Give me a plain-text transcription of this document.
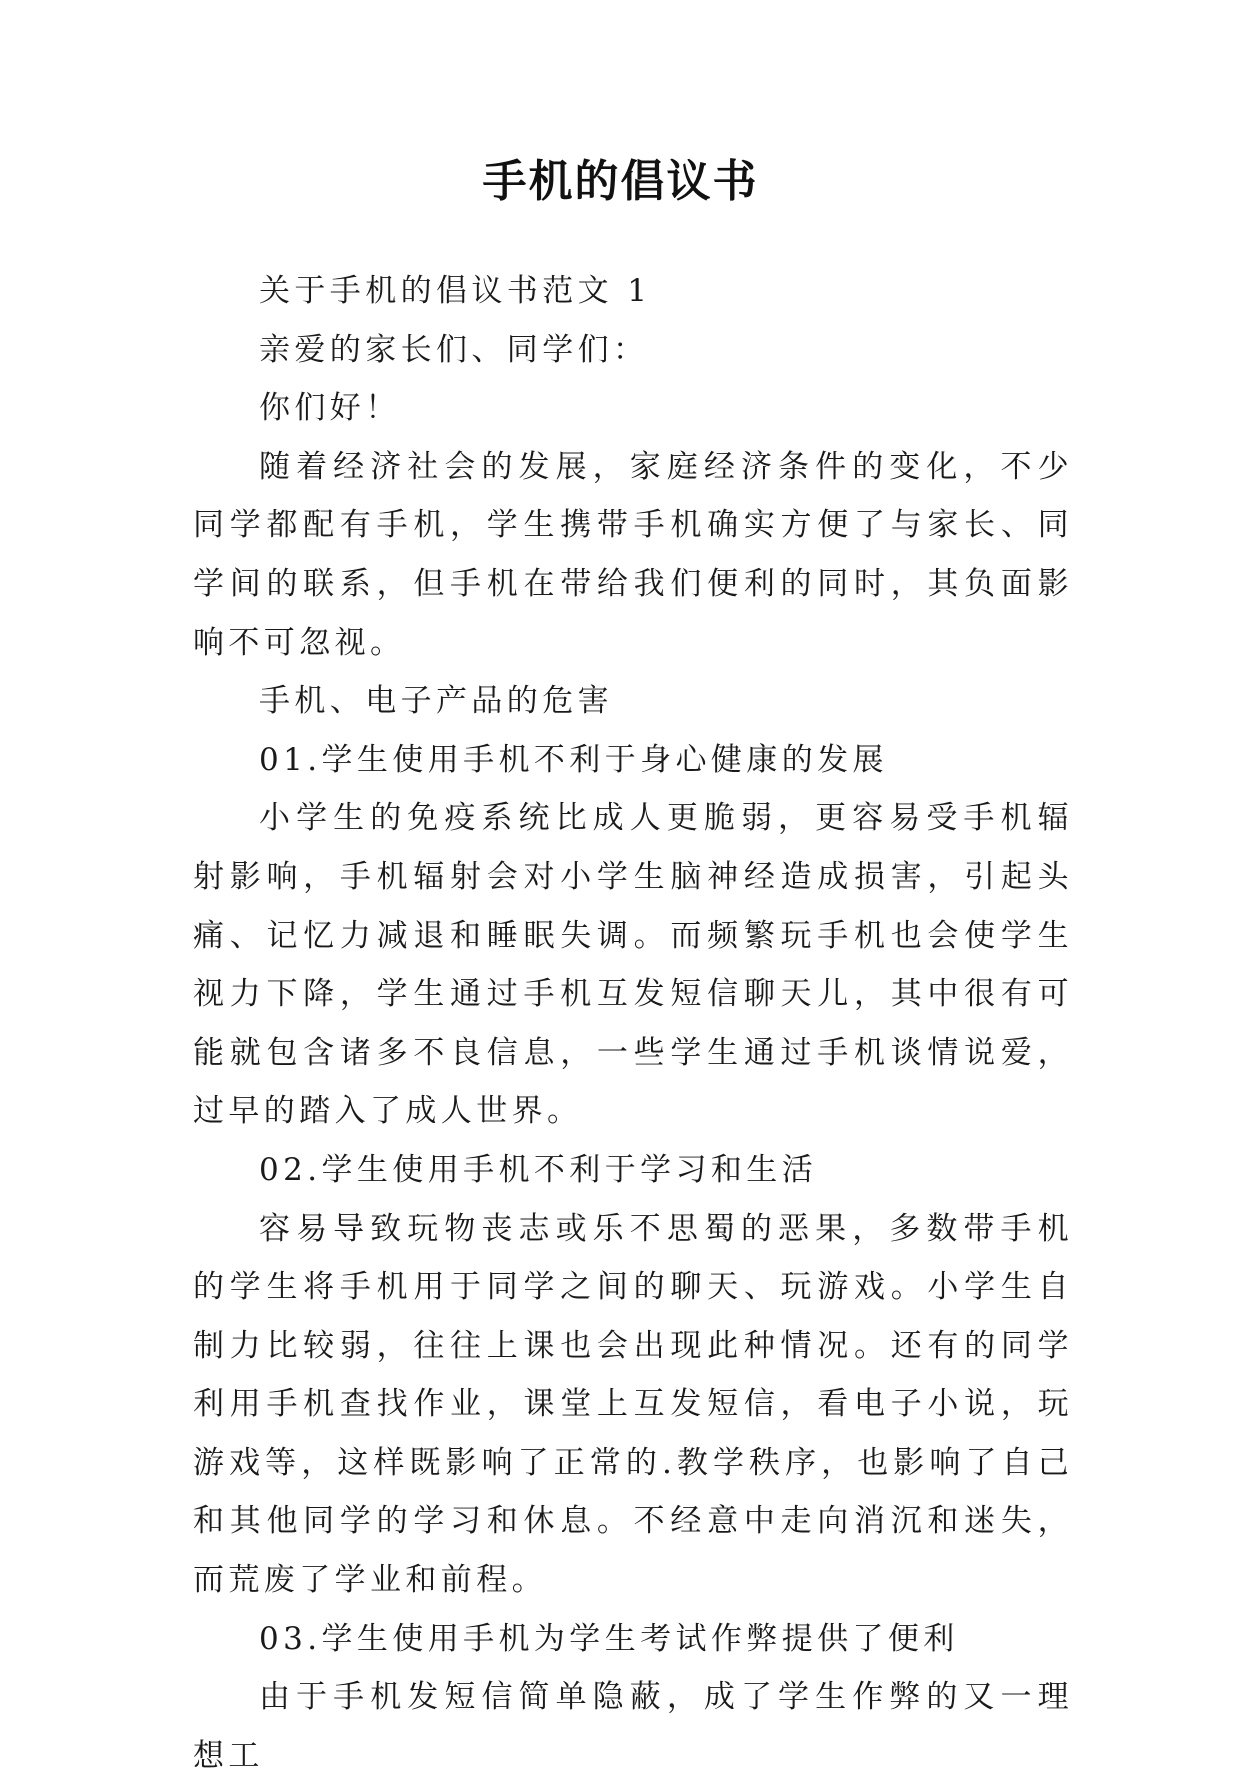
手机的倡议书

关于手机的倡议书范文 1

亲爱的家长们、同学们：

你们好！

随着经济社会的发展，家庭经济条件的变化，不少同学都配有手机，学生携带手机确实方便了与家长、同学间的联系，但手机在带给我们便利的同时，其负面影响不可忽视。

手机、电子产品的危害

01.学生使用手机不利于身心健康的发展

小学生的免疫系统比成人更脆弱，更容易受手机辐射影响，手机辐射会对小学生脑神经造成损害，引起头痛、记忆力减退和睡眠失调。而频繁玩手机也会使学生视力下降，学生通过手机互发短信聊天儿，其中很有可能就包含诸多不良信息，一些学生通过手机谈情说爱，过早的踏入了成人世界。

02.学生使用手机不利于学习和生活

容易导致玩物丧志或乐不思蜀的恶果，多数带手机的学生将手机用于同学之间的聊天、玩游戏。小学生自制力比较弱，往往上课也会出现此种情况。还有的同学利用手机查找作业，课堂上互发短信，看电子小说，玩游戏等，这样既影响了正常的.教学秩序，也影响了自己和其他同学的学习和休息。不经意中走向消沉和迷失，而荒废了学业和前程。

03.学生使用手机为学生考试作弊提供了便利

由于手机发短信简单隐蔽，成了学生作弊的又一理想工
